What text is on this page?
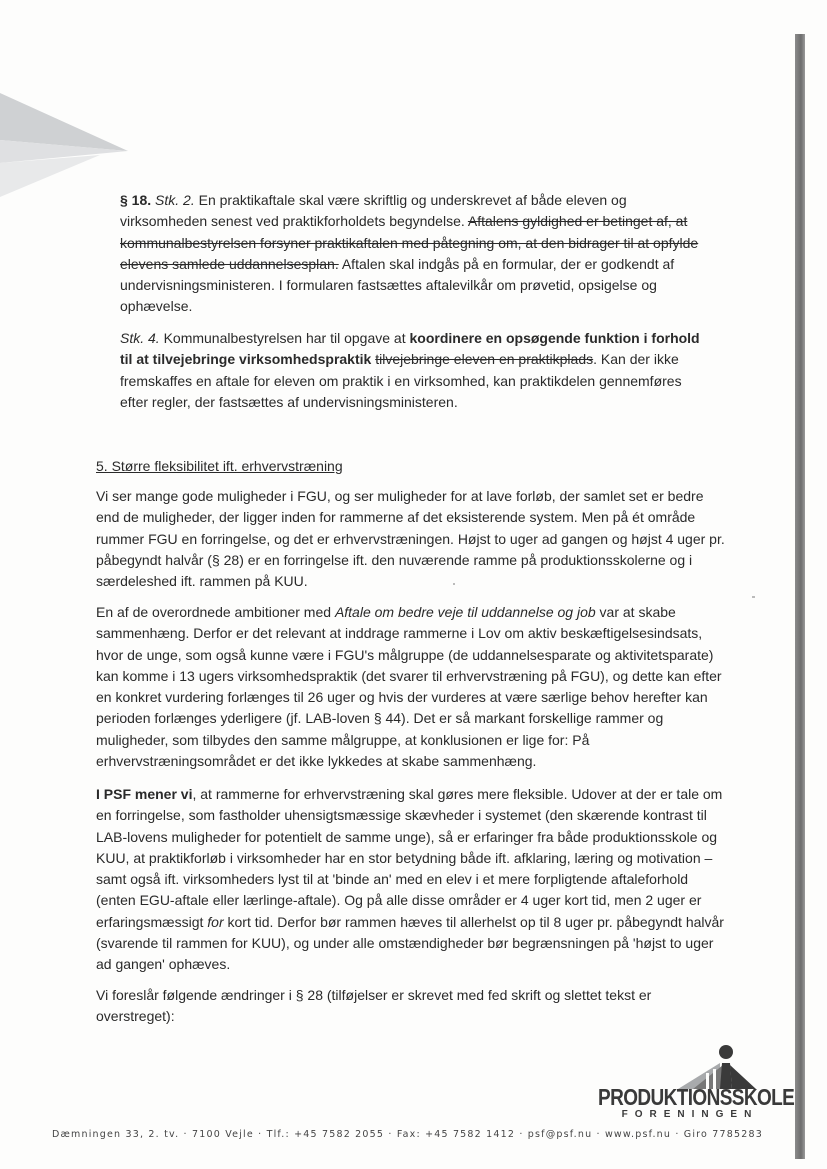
§ 18. Stk. 2. En praktikaftale skal være skriftlig og underskrevet af både eleven og virksomheden senest ved praktikforholdets begyndelse. Aftalens gyldighed er betinget af, at kommunalbestyrelsen forsyner praktikaftalen med påtegning om, at den bidrager til at opfylde elevens samlede uddannelsesplan. Aftalen skal indgås på en formular, der er godkendt af undervisningsministeren. I formularen fastsættes aftalevilkår om prøvetid, opsigelse og ophævelse.

Stk. 4. Kommunalbestyrelsen har til opgave at koordinere en opsøgende funktion i forhold til at tilvejebringe virksomhedspraktik tilvejebringe eleven en praktikplads. Kan der ikke fremskaffes en aftale for eleven om praktik i en virksomhed, kan praktikdelen gennemføres efter regler, der fastsættes af undervisningsministeren.

5. Større fleksibilitet ift. erhvervstræning

Vi ser mange gode muligheder i FGU, og ser muligheder for at lave forløb, der samlet set er bedre end de muligheder, der ligger inden for rammerne af det eksisterende system. Men på ét område rummer FGU en forringelse, og det er erhvervstræningen. Højst to uger ad gangen og højst 4 uger pr. påbegyndt halvår (§ 28) er en forringelse ift. den nuværende ramme på produktionsskolerne og i særdeleshed ift. rammen på KUU.

En af de overordnede ambitioner med Aftale om bedre veje til uddannelse og job var at skabe sammenhæng. Derfor er det relevant at inddrage rammerne i Lov om aktiv beskæftigelsesindsats, hvor de unge, som også kunne være i FGU's målgruppe (de uddannelsesparate og aktivitetsparate) kan komme i 13 ugers virksomhedspraktik (det svarer til erhvervstræning på FGU), og dette kan efter en konkret vurdering forlænges til 26 uger og hvis der vurderes at være særlige behov herefter kan perioden forlænges yderligere (jf. LAB-loven § 44). Det er så markant forskellige rammer og muligheder, som tilbydes den samme målgruppe, at konklusionen er lige for: På erhvervstræningsområdet er det ikke lykkedes at skabe sammenhæng.

I PSF mener vi, at rammerne for erhvervstræning skal gøres mere fleksible. Udover at der er tale om en forringelse, som fastholder uhensigtsmæssige skævheder i systemet (den skærende kontrast til LAB-lovens muligheder for potentielt de samme unge), så er erfaringer fra både produktionsskole og KUU, at praktikforløb i virksomheder har en stor betydning både ift. afklaring, læring og motivation – samt også ift. virksomheders lyst til at 'binde an' med en elev i et mere forpligtende aftaleforhold (enten EGU-aftale eller lærlinge-aftale). Og på alle disse områder er 4 uger kort tid, men 2 uger er erfaringsmæssigt for kort tid. Derfor bør rammen hæves til allerhelst op til 8 uger pr. påbegyndt halvår (svarende til rammen for KUU), og under alle omstændigheder bør begrænsningen på 'højst to uger ad gangen' ophæves.

Vi foreslår følgende ændringer i § 28 (tilføjelser er skrevet med fed skrift og slettet tekst er overstreget):

PRODUKTIONSSKOLE
FORENINGEN
Dæmningen 33, 2. tv. · 7100 Vejle · Tlf.: +45 7582 2055 · Fax: +45 7582 1412 · psf@psf.nu · www.psf.nu · Giro 7785283
